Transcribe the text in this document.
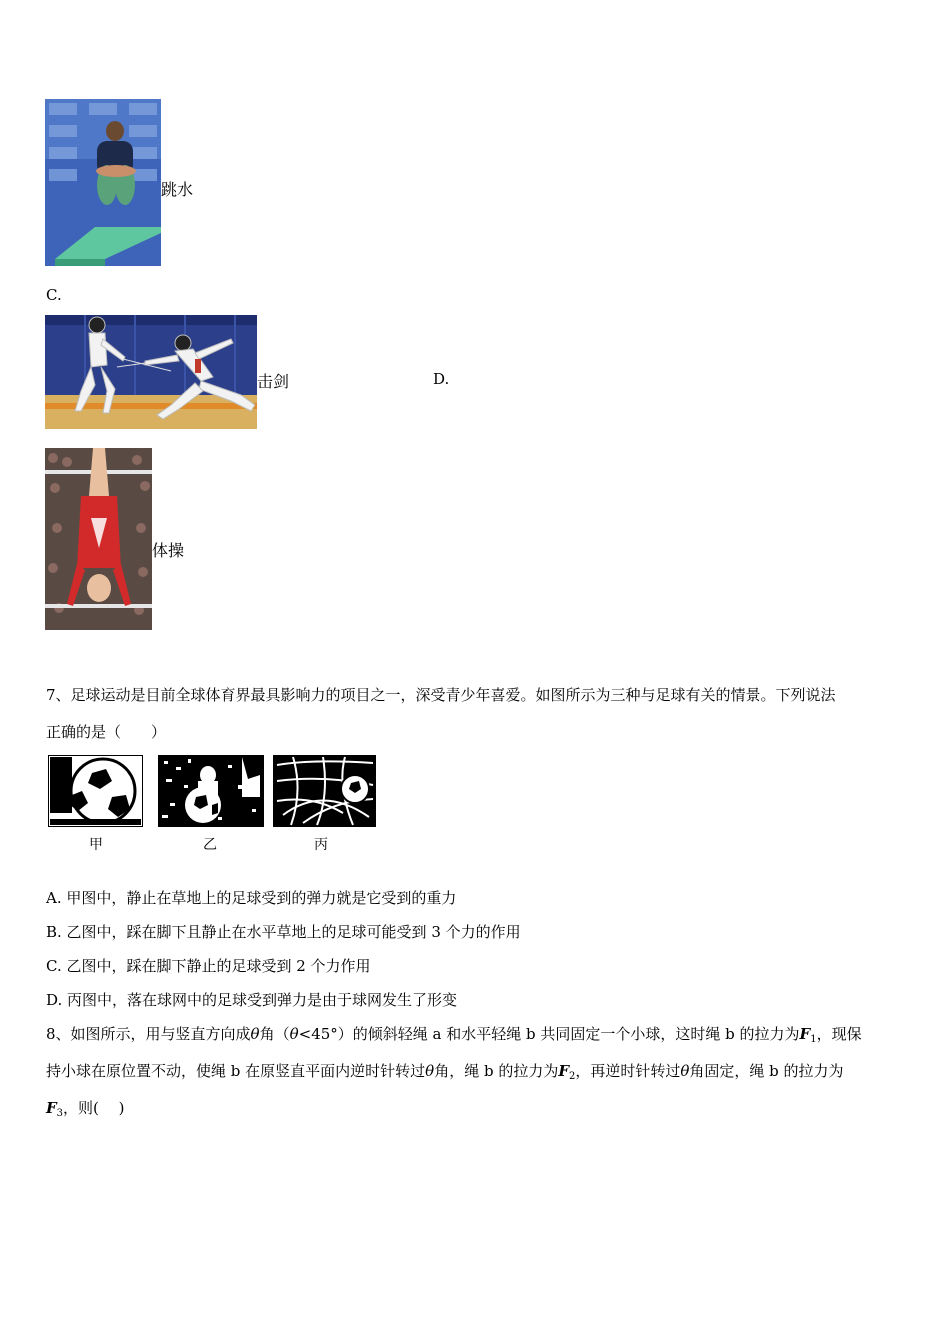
跳水
C.
击剑	D.
体操
7、足球运动是目前全球体育界最具影响力的项目之一，深受青少年喜爱。如图所示为三种与足球有关的情景。下列说法
正确的是（　　）
甲	乙	丙
A. 甲图中，静止在草地上的足球受到的弹力就是它受到的重力
B. 乙图中，踩在脚下且静止在水平草地上的足球可能受到 3 个力的作用
C. 乙图中，踩在脚下静止的足球受到 2 个力作用
D. 丙图中，落在球网中的足球受到弹力是由于球网发生了形变
8、如图所示，用与竖直方向成θ角（θ<45°）的倾斜轻绳 a 和水平轻绳 b 共同固定一个小球，这时绳 b 的拉力为$F_1$，现保
持小球在原位置不动，使绳 b 在原竖直平面内逆时针转过θ角，绳 b 的拉力为$F_2$，再逆时针转过θ角固定，绳 b 的拉力为
$F_3$，则(　 )
